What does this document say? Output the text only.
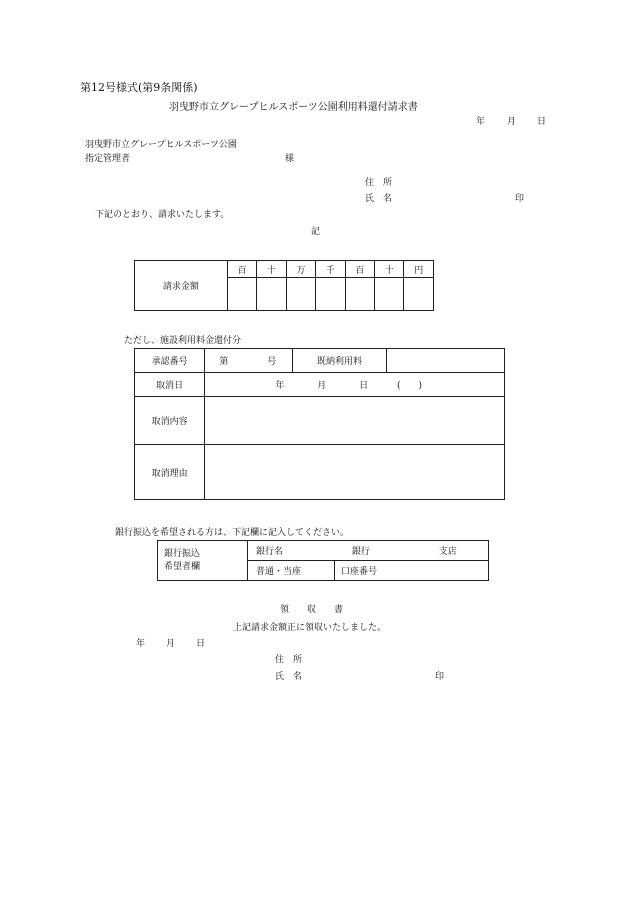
第12号様式(第9条関係)
羽曳野市立グレープヒルスポーツ公園利用料還付請求書
年 月 日
羽曳野市立グレープヒルスポーツ公園
指定管理者	様
住　所
氏　名	印
下記のとおり、請求いたします。
記
請求金額	百	十	万	千	百	十	円

ただし、施設利用料金還付分
承認番号	第 号	既納利用料	
取消日	年 月 日 (　　)		
取消内容			
取消理由			
銀行振込を希望される方は、下記欄に記入してください。
銀行振込
希望者欄	銀行名 銀行 支店	
	普通・当座	口座番号
領　　収　　書
上記請求金額正に領収いたしました。
年 月 日
住　所
氏　名	印
